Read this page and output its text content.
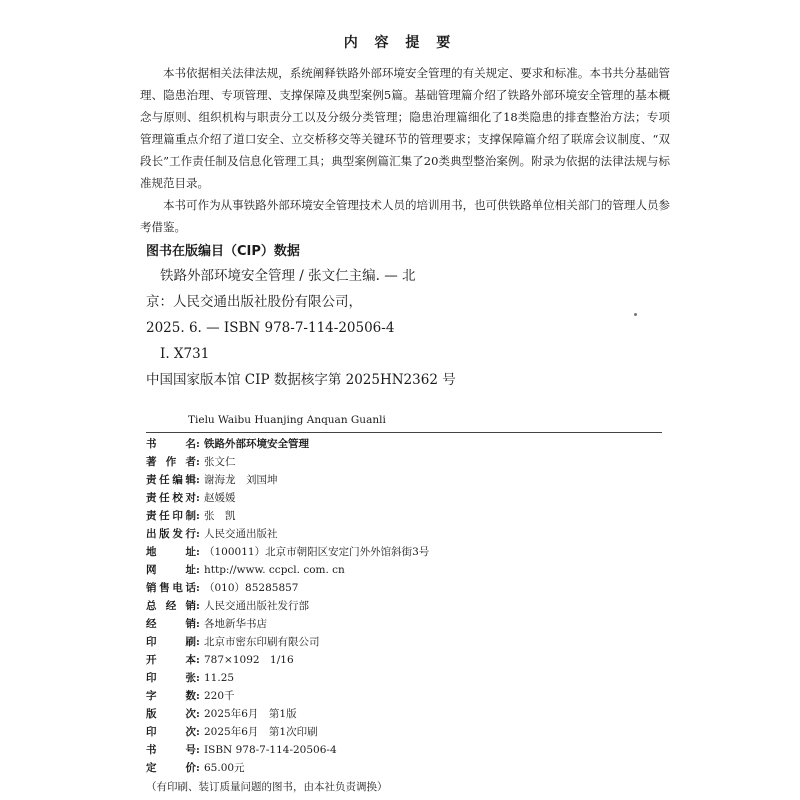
内 容 提 要

本书依据相关法律法规，系统阐释铁路外部环境安全管理的有关规定、要求和标准。本书共分基础管理、隐患治理、专项管理、支撑保障及典型案例5篇。基础管理篇介绍了铁路外部环境安全管理的基本概念与原则、组织机构与职责分工以及分级分类管理；隐患治理篇细化了18类隐患的排查整治方法；专项管理篇重点介绍了道口安全、立交桥移交等关键环节的管理要求；支撑保障篇介绍了联席会议制度、“双段长”工作责任制及信息化管理工具；典型案例篇汇集了20类典型整治案例。附录为依据的法律法规与标准规范目录。

本书可作为从事铁路外部环境安全管理技术人员的培训用书，也可供铁路单位相关部门的管理人员参考借鉴。

图书在版编目（CIP）数据
铁路外部环境安全管理 / 张文仁主编. — 北
京：人民交通出版社股份有限公司，
2025. 6. — ISBN 978-7-114-20506-4
Ⅰ. X731
中国国家版本馆 CIP 数据核字第 2025HN2362 号
Tielu Waibu Huanjing Anquan Guanli
书　　名 : 铁路外部环境安全管理
著 作 者 : 张文仁
责任编辑 : 谢海龙　刘国坤
责任校对 : 赵媛媛
责任印制 : 张　凯
出版发行 : 人民交通出版社
地　　址 : （100011）北京市朝阳区安定门外外馆斜街3号
网　　址 : http://www. ccpcl. com. cn
销售电话 : （010）85285857
总 经 销 : 人民交通出版社发行部
经　　销 : 各地新华书店
印　　刷 : 北京市密东印刷有限公司
开　　本 : 787×1092　1/16
印　　张 : 11.25
字　　数 : 220千
版　　次 : 2025年6月　第1版
印　　次 : 2025年6月　第1次印刷
书　　号 : ISBN 978-7-114-20506-4
定　　价 : 65.00元
（有印刷、装订质量问题的图书，由本社负责调换）
